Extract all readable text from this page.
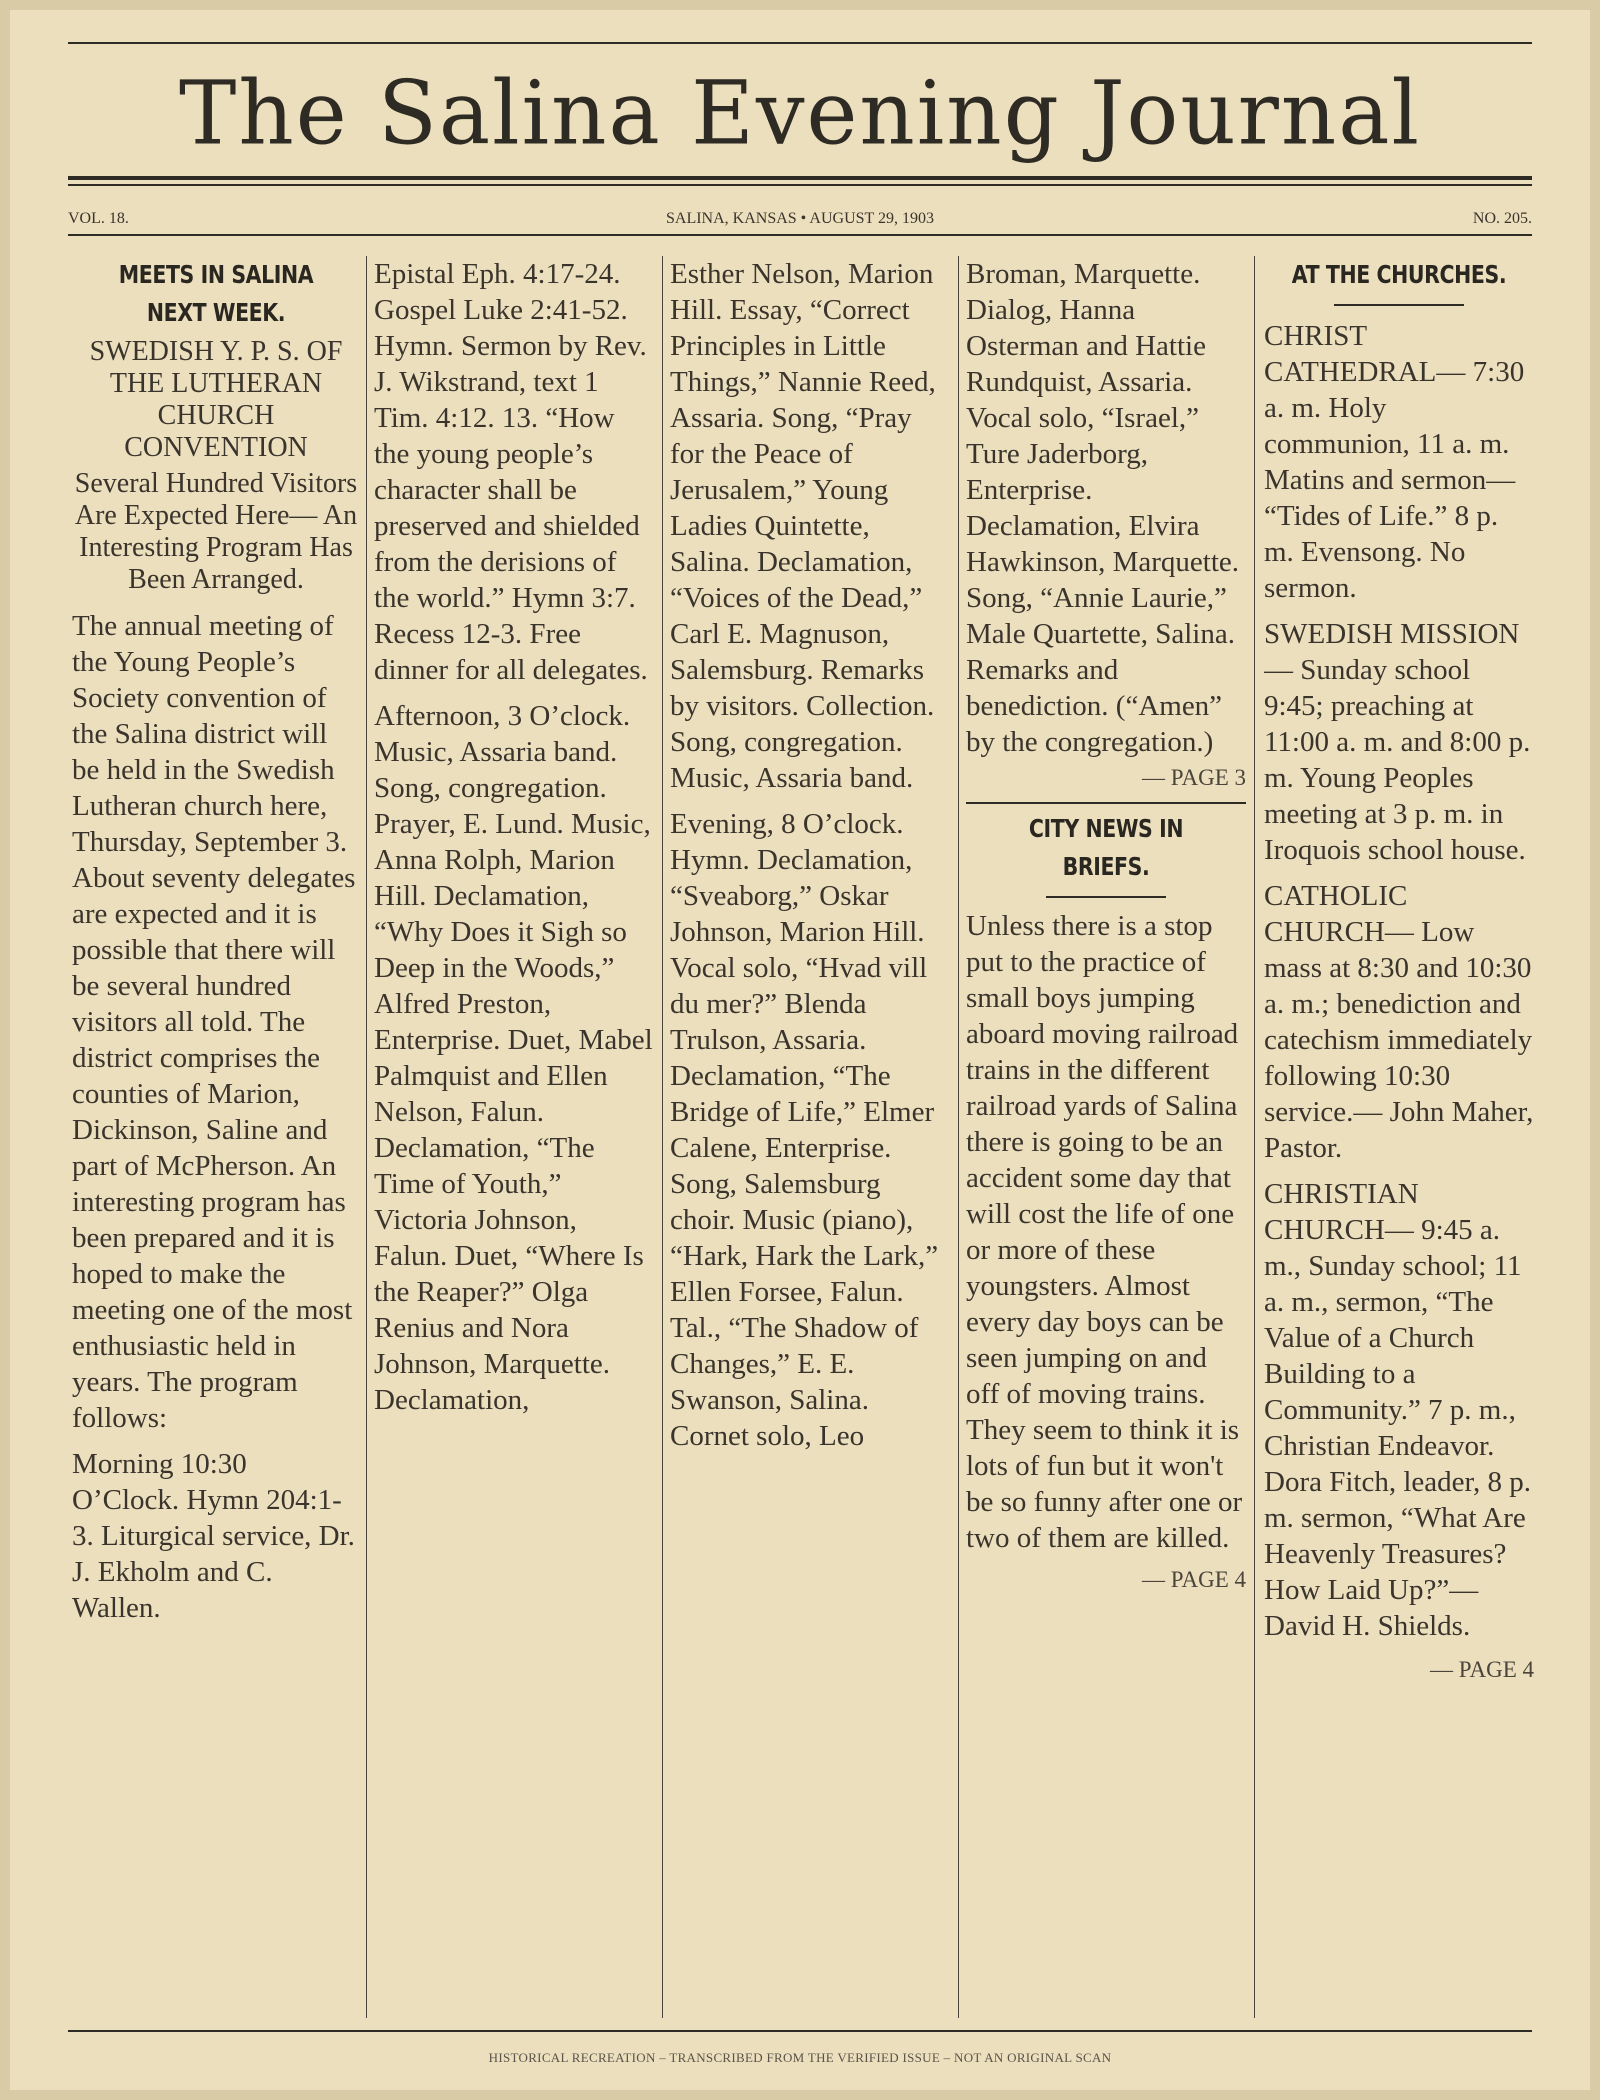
The Salina Evening Journal
VOL. 18.	SALINA, KANSAS • AUGUST 29, 1903	NO. 205.
MEETS IN SALINA NEXT WEEK.
SWEDISH Y. P. S. OF THE LUTHERAN CHURCH CONVENTION
Several Hundred Visitors Are Expected Here— An Interesting Program Has Been Arranged.
The annual meeting of the Young People’s Society convention of the Salina district will be held in the Swedish Lutheran church here, Thursday, September 3. About seventy delegates are expected and it is possible that there will be several hundred visitors all told. The district comprises the counties of Marion, Dickinson, Saline and part of McPherson. An interesting program has been prepared and it is hoped to make the meeting one of the most enthusiastic held in years. The program follows:
Morning 10:30 O’Clock. Hymn 204:1-3. Liturgical service, Dr. J. Ekholm and C. Wallen.
Epistal Eph. 4:17-24. Gospel Luke 2:41-52. Hymn. Sermon by Rev. J. Wikstrand, text 1 Tim. 4:12. 13. “How the young people’s character shall be preserved and shielded from the derisions of the world.” Hymn 3:7. Recess 12-3. Free dinner for all delegates.
Afternoon, 3 O’clock. Music, Assaria band. Song, congregation. Prayer, E. Lund. Music, Anna Rolph, Marion Hill. Declamation, “Why Does it Sigh so Deep in the Woods,” Alfred Preston, Enterprise. Duet, Mabel Palmquist and Ellen Nelson, Falun. Declamation, “The Time of Youth,” Victoria Johnson, Falun. Duet, “Where Is the Reaper?” Olga Renius and Nora Johnson, Marquette. Declamation,
Esther Nelson, Marion Hill. Essay, “Correct Principles in Little Things,” Nannie Reed, Assaria. Song, “Pray for the Peace of Jerusalem,” Young Ladies Quintette, Salina. Declamation, “Voices of the Dead,” Carl E. Magnuson, Salemsburg. Remarks by visitors. Collection. Song, congregation. Music, Assaria band.
Evening, 8 O’clock. Hymn. Declamation, “Sveaborg,” Oskar Johnson, Marion Hill. Vocal solo, “Hvad vill du mer?” Blenda Trulson, Assaria. Declamation, “The Bridge of Life,” Elmer Calene, Enterprise. Song, Salemsburg choir. Music (piano), “Hark, Hark the Lark,” Ellen Forsee, Falun. Tal., “The Shadow of Changes,” E. E. Swanson, Salina. Cornet solo, Leo
Broman, Marquette. Dialog, Hanna Osterman and Hattie Rundquist, Assaria. Vocal solo, “Israel,” Ture Jaderborg, Enterprise. Declamation, Elvira Hawkinson, Marquette. Song, “Annie Laurie,” Male Quartette, Salina. Remarks and benediction. (“Amen” by the congregation.)
— PAGE 3
CITY NEWS IN BRIEFS.
Unless there is a stop put to the practice of small boys jumping aboard moving railroad trains in the different railroad yards of Salina there is going to be an accident some day that will cost the life of one or more of these youngsters. Almost every day boys can be seen jumping on and off of moving trains. They seem to think it is lots of fun but it won't be so funny after one or two of them are killed.
— PAGE 4
AT THE CHURCHES.
CHRIST CATHEDRAL— 7:30 a. m. Holy communion, 11 a. m. Matins and sermon— “Tides of Life.” 8 p. m. Evensong. No sermon.
SWEDISH MISSION— Sunday school 9:45; preaching at 11:00 a. m. and 8:00 p. m. Young Peoples meeting at 3 p. m. in Iroquois school house.
CATHOLIC CHURCH— Low mass at 8:30 and 10:30 a. m.; benediction and catechism immediately following 10:30 service.— John Maher, Pastor.
CHRISTIAN CHURCH— 9:45 a. m., Sunday school; 11 a. m., sermon, “The Value of a Church Building to a Community.” 7 p. m., Christian Endeavor. Dora Fitch, leader, 8 p. m. sermon, “What Are Heavenly Treasures? How Laid Up?”— David H. Shields.
— PAGE 4
HISTORICAL RECREATION – TRANSCRIBED FROM THE VERIFIED ISSUE – NOT AN ORIGINAL SCAN
